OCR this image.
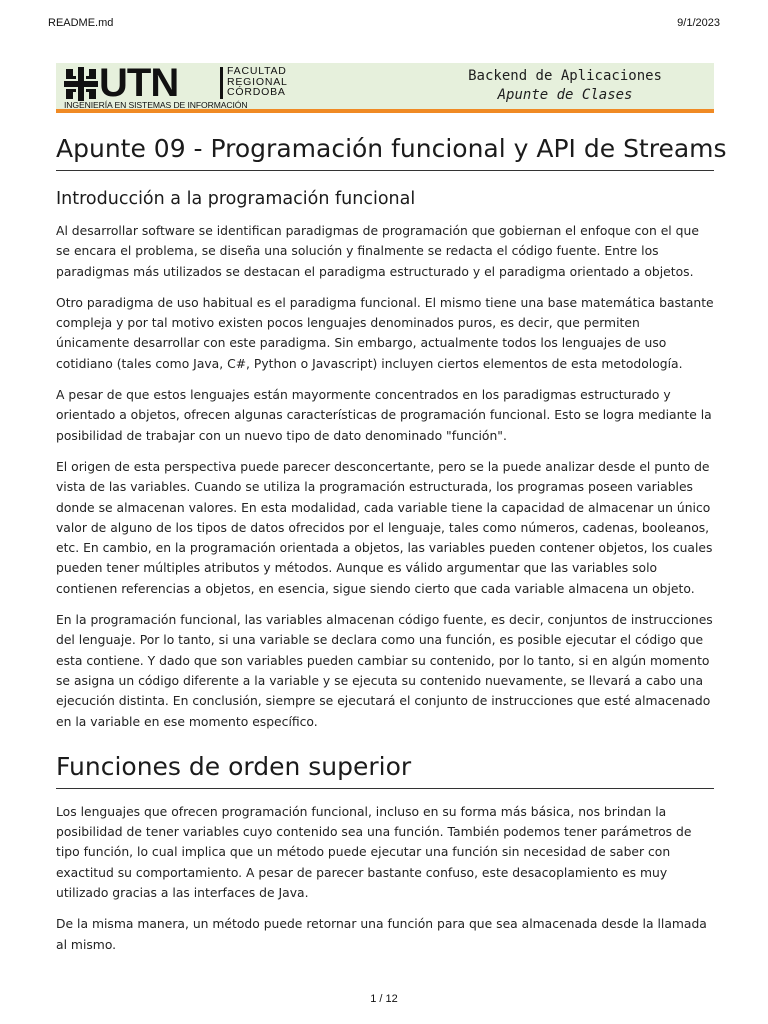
README.md	9/1/2023
UTN	FACULTAD
REGIONAL
CÓRDOBA
INGENIERÍA EN SISTEMAS DE INFORMACIÓN
Backend de Aplicaciones
Apunte de Clases
Apunte 09 - Programación funcional y API de Streams
Introducción a la programación funcional

Al desarrollar software se identifican paradigmas de programación que gobiernan el enfoque con el que se encara el problema, se diseña una solución y finalmente se redacta el código fuente. Entre los paradigmas más utilizados se destacan el paradigma estructurado y el paradigma orientado a objetos.

Otro paradigma de uso habitual es el paradigma funcional. El mismo tiene una base matemática bastante compleja y por tal motivo existen pocos lenguajes denominados puros, es decir, que permiten únicamente desarrollar con este paradigma. Sin embargo, actualmente todos los lenguajes de uso cotidiano (tales como Java, C#, Python o Javascript) incluyen ciertos elementos de esta metodología.

A pesar de que estos lenguajes están mayormente concentrados en los paradigmas estructurado y orientado a objetos, ofrecen algunas características de programación funcional. Esto se logra mediante la posibilidad de trabajar con un nuevo tipo de dato denominado "función".

El origen de esta perspectiva puede parecer desconcertante, pero se la puede analizar desde el punto de vista de las variables. Cuando se utiliza la programación estructurada, los programas poseen variables donde se almacenan valores. En esta modalidad, cada variable tiene la capacidad de almacenar un único valor de alguno de los tipos de datos ofrecidos por el lenguaje, tales como números, cadenas, booleanos, etc. En cambio, en la programación orientada a objetos, las variables pueden contener objetos, los cuales pueden tener múltiples atributos y métodos. Aunque es válido argumentar que las variables solo contienen referencias a objetos, en esencia, sigue siendo cierto que cada variable almacena un objeto.

En la programación funcional, las variables almacenan código fuente, es decir, conjuntos de instrucciones del lenguaje. Por lo tanto, si una variable se declara como una función, es posible ejecutar el código que esta contiene. Y dado que son variables pueden cambiar su contenido, por lo tanto, si en algún momento se asigna un código diferente a la variable y se ejecuta su contenido nuevamente, se llevará a cabo una ejecución distinta. En conclusión, siempre se ejecutará el conjunto de instrucciones que esté almacenado en la variable en ese momento específico.

Funciones de orden superior

Los lenguajes que ofrecen programación funcional, incluso en su forma más básica, nos brindan la posibilidad de tener variables cuyo contenido sea una función. También podemos tener parámetros de tipo función, lo cual implica que un método puede ejecutar una función sin necesidad de saber con exactitud su comportamiento. A pesar de parecer bastante confuso, este desacoplamiento es muy utilizado gracias a las interfaces de Java.

De la misma manera, un método puede retornar una función para que sea almacenada desde la llamada al mismo.

1 / 12
